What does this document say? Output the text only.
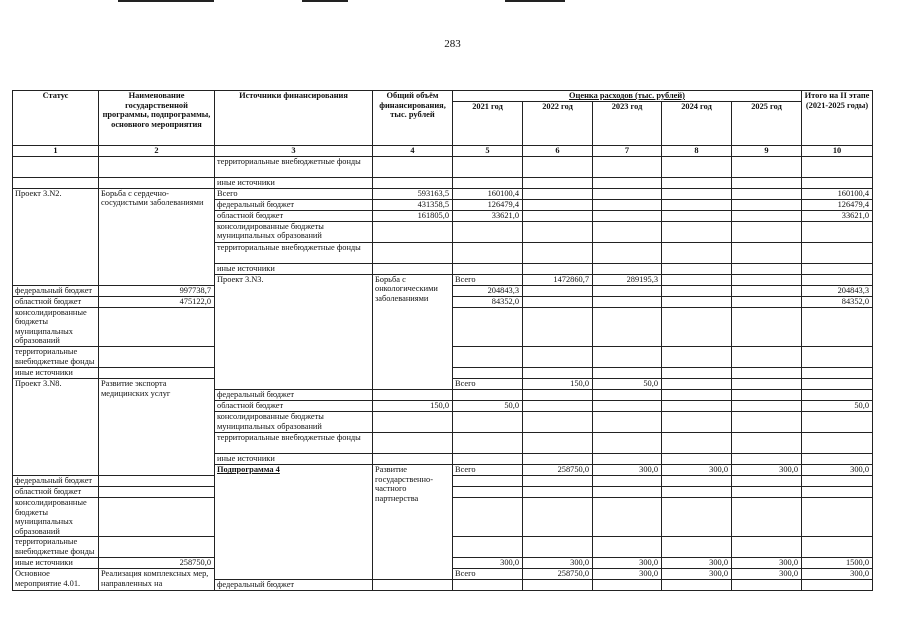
283
Статус	Наименование государственной программы, подпрограммы, основного мероприятия	Источники финансирования	Общий объём финансирования, тыс. рублей	Оценка расходов (тыс. рублей)					Итого на II этапе (2021-2025 годы)	
				2021 год	2022 год	2023 год	2024 год	2025 год		
1	2	3	4	5	6	7	8	9	10	
		территориальные внебюджетные фонды								
		иные источники								
Проект 3.N2.	Борьба с сердечно-сосудистыми заболеваниями	Всего	593163,5	160100,4					160100,4	
		федеральный бюджет	431358,5	126479,4					126479,4	
		областной бюджет	161805,0	33621,0					33621,0	
		консолидированные бюджеты муниципальных образований								
		территориальные внебюджетные фонды								
		иные источники								
		Проект 3.N3.	Борьба с онкологическими заболеваниями	Всего	1472860,7	289195,3					
федеральный бюджет	997738,7			204843,3					204843,3	
областной бюджет	475122,0			84352,0					84352,0	
консолидированные бюджеты муниципальных образований										
территориальные внебюджетные фонды										
иные источники										
Проект 3.N8.	Развитие экспорта медицинских услуг			Всего	150,0	50,0					
		федеральный бюджет								
		областной бюджет	150,0	50,0					50,0	
		консолидированные бюджеты муниципальных образований								
		территориальные внебюджетные фонды								
		иные источники								
		Подпрограмма 4	Развитие государственно-частного партнерства	Всего	258750,0	300,0	300,0	300,0	300,0		
федеральный бюджет										
областной бюджет										
консолидированные бюджеты муниципальных образований										
территориальные внебюджетные фонды										
иные источники	258750,0			300,0	300,0	300,0	300,0	300,0	1500,0	
Основное мероприятие 4.01.	Реализация комплексных мер, направленных на			Всего	258750,0	300,0	300,0	300,0	300,0		
		федеральный бюджет								
